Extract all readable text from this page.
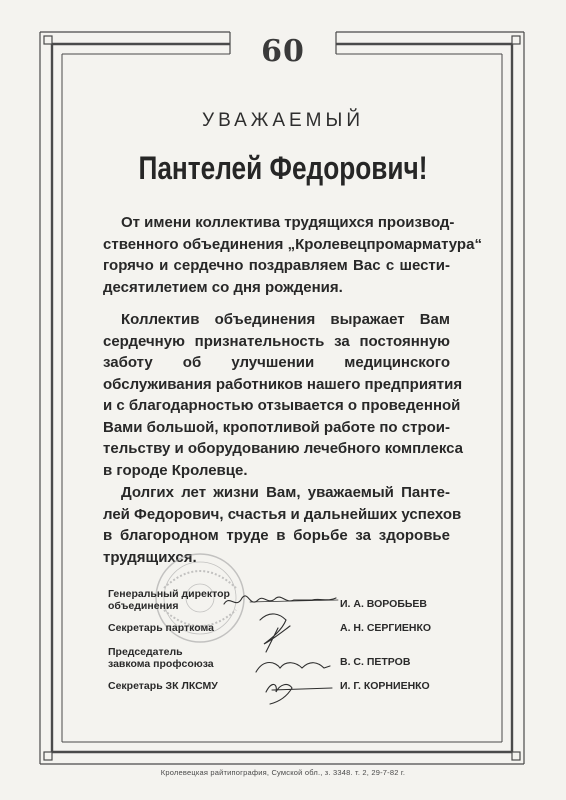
60
УВАЖАЕМЫЙ
Пантелей Федорович!
От имени коллектива трудящихся производ-
ственного объединения „Кролевецпромарматура“
горячо и сердечно поздравляем Вас с шести-
десятилетием со дня рождения.
Коллектив объединения выражает Вам
сердечную признательность за постоянную
заботу об улучшении медицинского
обслуживания работников нашего предприятия
и с благодарностью отзывается о проведенной
Вами большой, кропотливой работе по строи-
тельству и оборудованию лечебного комплекса
в городе Кролевце.
Долгих лет жизни Вам, уважаемый Панте-
лей Федорович, счастья и дальнейших успехов
в благородном труде в борьбе за здоровье
трудящихся.
Генеральный директор
объединения	И. А. ВОРОБЬЕВ
Секретарь парткома	А. Н. СЕРГИЕНКО
Председатель
завкома профсоюза	В. С. ПЕТРОВ
Секретарь ЗК ЛКСМУ	И. Г. КОРНИЕНКО
Кролевецкая райтипография, Сумской обл., з. 3348. т. 2, 29-7-82 г.
